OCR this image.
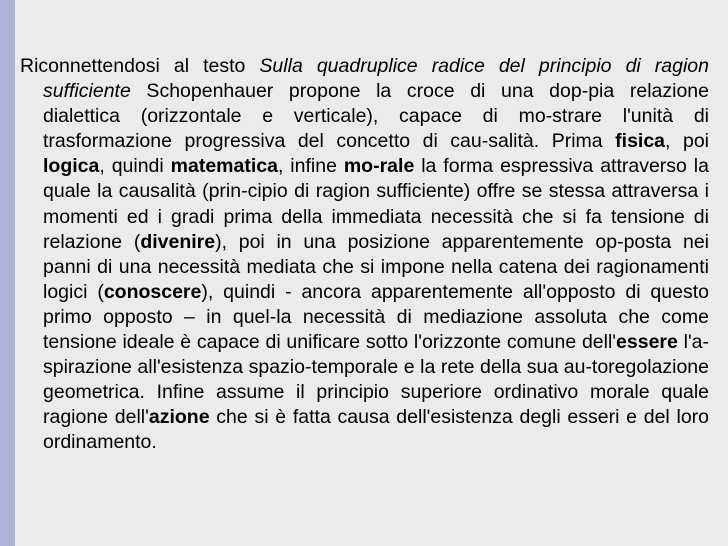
Riconnettendosi al testo Sulla quadruplice radice del principio di ragion sufficiente Schopenhauer propone la croce di una dop-pia relazione dialettica (orizzontale e verticale), capace di mo-strare l'unità di trasformazione progressiva del concetto di cau-salità. Prima fisica, poi logica, quindi matematica, infine mo-rale la forma espressiva attraverso la quale la causalità (prin-cipio di ragion sufficiente) offre se stessa attraversa i momenti ed i gradi prima della immediata necessità che si fa tensione di relazione (divenire), poi in una posizione apparentemente op-posta nei panni di una necessità mediata che si impone nella catena dei ragionamenti logici (conoscere), quindi - ancora apparentemente all'opposto di questo primo opposto – in quel-la necessità di mediazione assoluta che come tensione ideale è capace di unificare sotto l'orizzonte comune dell'essere l'a-spirazione all'esistenza spazio-temporale e la rete della sua au-toregolazione geometrica. Infine assume il principio superiore ordinativo morale quale ragione dell'azione che si è fatta causa dell'esistenza degli esseri e del loro ordinamento.
